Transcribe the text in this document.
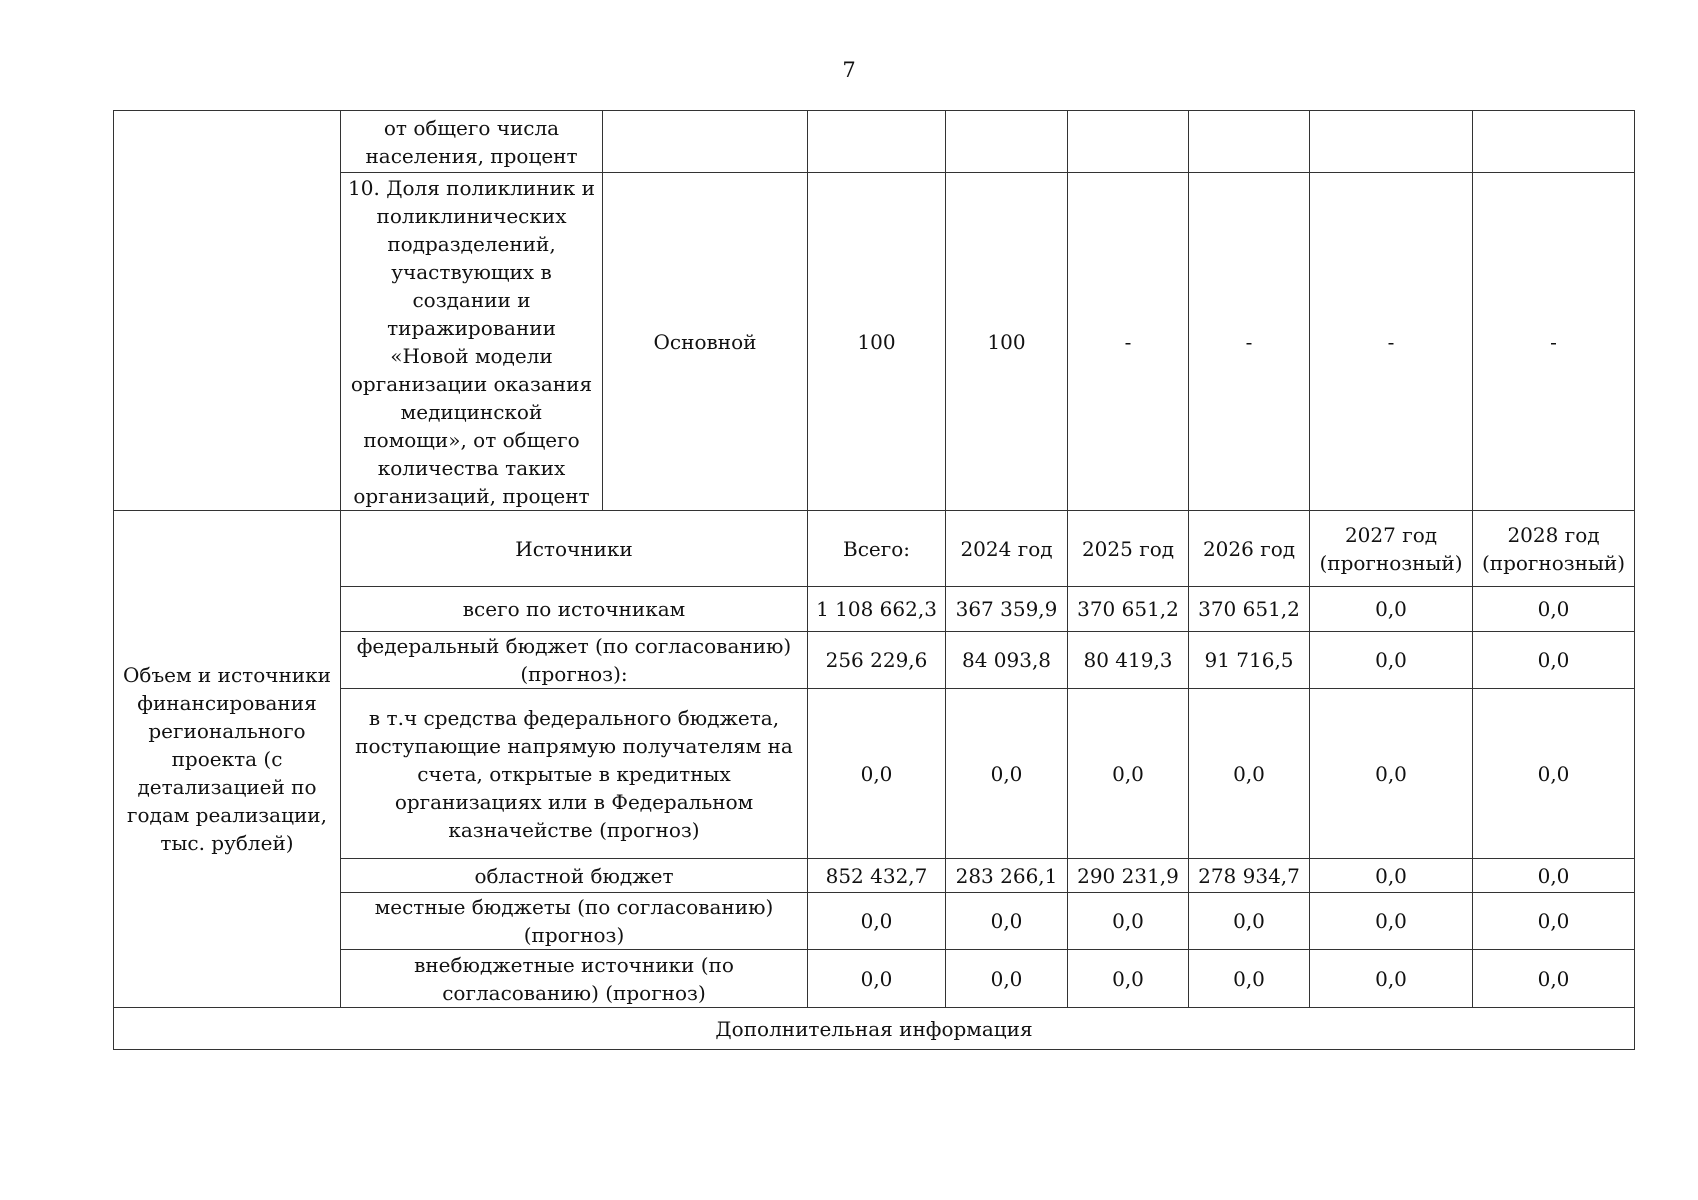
7
	от общего числа населения, процент							
	10. Доля поликлиник и поликлинических подразделений, участвующих в создании и тиражировании «Новой модели организации оказания медицинской помощи», от общего количества таких организаций, процент	Основной	100	100	-	-	-	-
Объем и источники финансирования регионального проекта (с детализацией по годам реализации, тыс. рублей)	Источники		Всего:	2024 год	2025 год	2026 год	2027 год (прогнозный)	2028 год (прогнозный)
	всего по источникам		1 108 662,3	367 359,9	370 651,2	370 651,2	0,0	0,0
	федеральный бюджет (по согласованию) (прогноз):		256 229,6	84 093,8	80 419,3	91 716,5	0,0	0,0
	в т.ч средства федерального бюджета, поступающие напрямую получателям на счета, открытые в кредитных организациях или в Федеральном казначействе (прогноз)		0,0	0,0	0,0	0,0	0,0	0,0
	областной бюджет		852 432,7	283 266,1	290 231,9	278 934,7	0,0	0,0
	местные бюджеты (по согласованию) (прогноз)		0,0	0,0	0,0	0,0	0,0	0,0
	внебюджетные источники (по согласованию) (прогноз)		0,0	0,0	0,0	0,0	0,0	0,0
Дополнительная информация								
